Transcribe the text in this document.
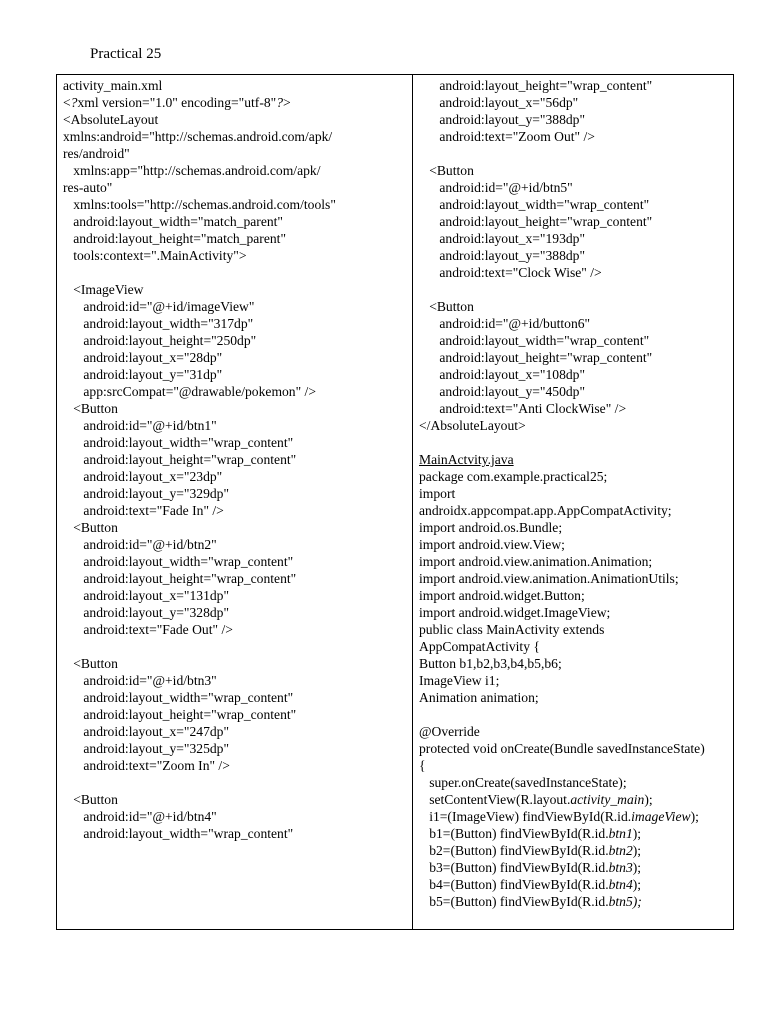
Practical 25
activity_main.xml
<?xml version="1.0" encoding="utf-8"?>
<AbsoluteLayout
xmlns:android="http://schemas.android.com/apk/
res/android"
xmlns:app="http://schemas.android.com/apk/
res-auto"
xmlns:tools="http://schemas.android.com/tools"
android:layout_width="match_parent"
android:layout_height="match_parent"
tools:context=".MainActivity">
<ImageView
android:id="@+id/imageView"
android:layout_width="317dp"
android:layout_height="250dp"
android:layout_x="28dp"
android:layout_y="31dp"
app:srcCompat="@drawable/pokemon" />
<Button
android:id="@+id/btn1"
android:layout_width="wrap_content"
android:layout_height="wrap_content"
android:layout_x="23dp"
android:layout_y="329dp"
android:text="Fade In" />
<Button
android:id="@+id/btn2"
android:layout_width="wrap_content"
android:layout_height="wrap_content"
android:layout_x="131dp"
android:layout_y="328dp"
android:text="Fade Out" />
<Button
android:id="@+id/btn3"
android:layout_width="wrap_content"
android:layout_height="wrap_content"
android:layout_x="247dp"
android:layout_y="325dp"
android:text="Zoom In" />
<Button
android:id="@+id/btn4"
android:layout_width="wrap_content"
android:layout_height="wrap_content"
android:layout_x="56dp"
android:layout_y="388dp"
android:text="Zoom Out" />
<Button
android:id="@+id/btn5"
android:layout_width="wrap_content"
android:layout_height="wrap_content"
android:layout_x="193dp"
android:layout_y="388dp"
android:text="Clock Wise" />
<Button
android:id="@+id/button6"
android:layout_width="wrap_content"
android:layout_height="wrap_content"
android:layout_x="108dp"
android:layout_y="450dp"
android:text="Anti ClockWise" />
</AbsoluteLayout>
MainActvity.java
package com.example.practical25;
import
androidx.appcompat.app.AppCompatActivity;
import android.os.Bundle;
import android.view.View;
import android.view.animation.Animation;
import android.view.animation.AnimationUtils;
import android.widget.Button;
import android.widget.ImageView;
public class MainActivity extends
AppCompatActivity {
Button b1,b2,b3,b4,b5,b6;
ImageView i1;
Animation animation;
@Override
protected void onCreate(Bundle savedInstanceState)
{
super.onCreate(savedInstanceState);
setContentView(R.layout.activity_main);
i1=(ImageView) findViewById(R.id.imageView);
b1=(Button) findViewById(R.id.btn1);
b2=(Button) findViewById(R.id.btn2);
b3=(Button) findViewById(R.id.btn3);
b4=(Button) findViewById(R.id.btn4);
b5=(Button) findViewById(R.id.btn5);
